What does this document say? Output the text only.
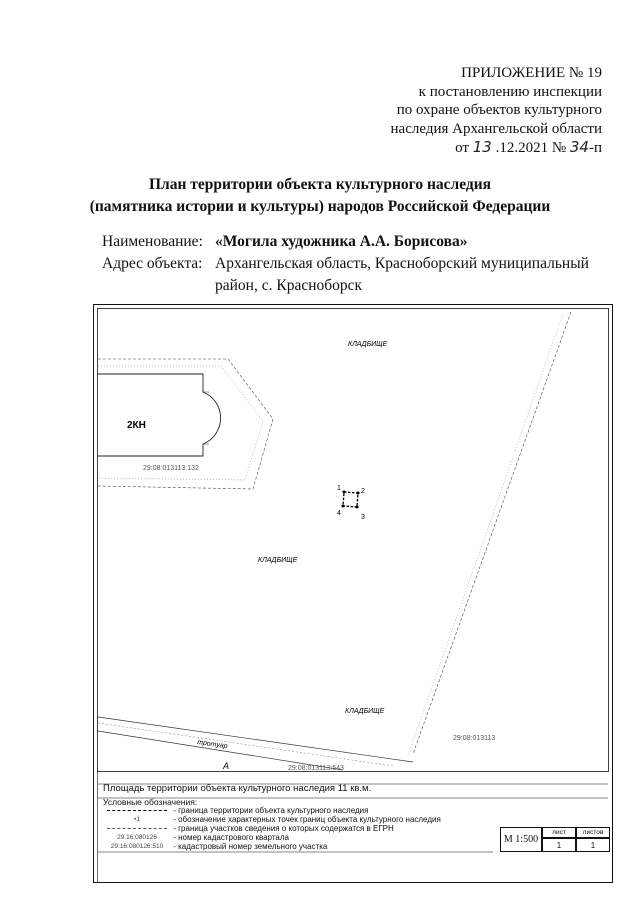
ПРИЛОЖЕНИЕ № 19
к постановлению инспекции
по охране объектов культурного
наследия Архангельской области
от 13 .12.2021 № 34-п
План территории объекта культурного наследия
(памятника истории и культуры) народов Российской Федерации
Наименование: «Могила художника А.А. Борисова»
Адрес объекта: Архангельская область, Красноборский муниципальный
район, с. Красноборск
КЛАДБИЩЕ
2КН
29:08:013113:132
1	2
3
4
КЛАДБИЩЕ
КЛАДБИЩЕ
29:08:013113
тротуар
А	29:08:013113:543
Площадь территории объекта культурного наследия 11 кв.м.
Условные обозначения:
- граница территории объекта культурного наследия
•1	- обозначение характерных точек границ объекта культурного наследия
- граница участков сведения о которых содержатся в ЕГРН
29:16:080126 - номер кадастрового квартала
29:16:080126:510 - кадастровый номер земельного участка
М 1:500	лист	листов
	1	1
